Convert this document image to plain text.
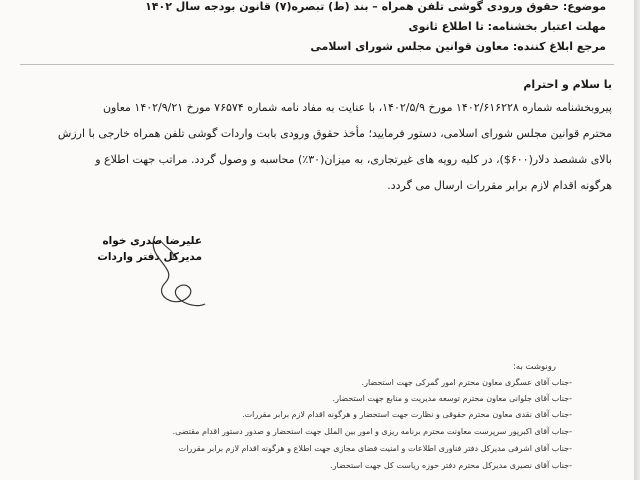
موضوع: حقوق ورودی گوشی تلفن همراه – بند (ط) تبصره(۷) قانون بودجه سال ۱۴۰۲
مهلت اعتبار بخشنامه: تا اطلاع ثانوی
مرجع ابلاغ کننده: معاون قوانین مجلس شورای اسلامی
با سلام و احترام
پیروبخشنامه شماره ۱۴۰۲/۶۱۶۲۲۸ مورخ ۱۴۰۲/۵/۹، با عنایت به مفاد نامه شماره ۷۶۵۷۴ مورخ ۱۴۰۲/۹/۲۱ معاون
محترم قوانین مجلس شورای اسلامی، دستور فرمایید؛ مأخذ حقوق ورودی بابت واردات گوشی تلفن همراه خارجی با ارزش
بالای ششصد دلار(۶۰۰$)، در کلیه رویه های غیرتجاری، به میزان(۳۰٪) محاسبه و وصول گردد. مراتب جهت اطلاع و
هرگونه اقدام لازم برابر مقررات ارسال می گردد.
علیرضا صدری خواه
مدیرکل دفتر واردات
رونوشت به:
-جناب آقای عسگری معاون محترم امور گمرکی جهت استحضار.
-جناب آقای جلوانی معاون محترم توسعه مدیریت و منابع جهت استحضار.
-جناب آقای نقدی معاون محترم حقوقی و نظارت جهت استحضار و هرگونه اقدام لازم برابر مقررات.
-جناب آقای اکبرپور سرپرست معاونت محترم برنامه ریزی و امور بین الملل جهت استحضار و صدور دستور اقدام مقتضی.
-جناب آقای اشرفی مدیرکل دفتر فناوری اطلاعات و امنیت فضای مجازی جهت اطلاع و هرگونه اقدام لازم برابر مقررات
-جناب آقای نصیری مدیرکل محترم دفتر حوزه ریاست کل جهت استحضار.
